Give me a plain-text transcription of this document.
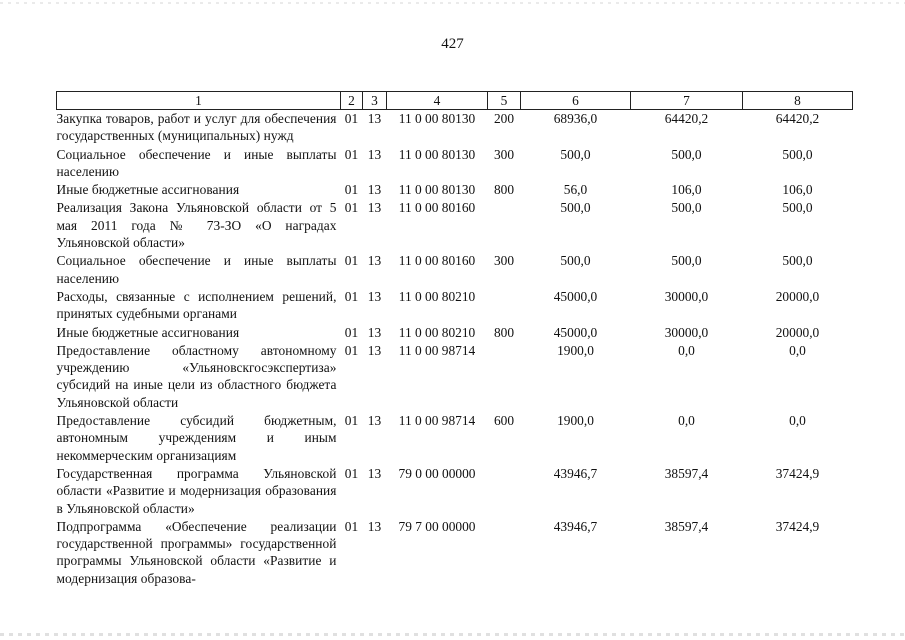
427
1	2	3	4	5	6	7	8
Закупка товаров, работ и услуг для обеспечения государственных (муниципальных) нужд	01	13	11 0 00 80130	200	68936,0	64420,2	64420,2
Социальное обеспечение и иные выплаты населению	01	13	11 0 00 80130	300	500,0	500,0	500,0
Иные бюджетные ассигнования	01	13	11 0 00 80130	800	56,0	106,0	106,0
Реализация Закона Ульяновской области от 5 мая 2011 года № 73-ЗО «О наградах Ульяновской области»	01	13	11 0 00 80160		500,0	500,0	500,0
Социальное обеспечение и иные выплаты населению	01	13	11 0 00 80160	300	500,0	500,0	500,0
Расходы, связанные с исполнением решений, принятых судебными органами	01	13	11 0 00 80210		45000,0	30000,0	20000,0
Иные бюджетные ассигнования	01	13	11 0 00 80210	800	45000,0	30000,0	20000,0
Предоставление областному автономному учреждению «Ульяновскгосэкспертиза» субсидий на иные цели из областного бюджета Ульяновской области	01	13	11 0 00 98714		1900,0	0,0	0,0
Предоставление субсидий бюджетным, автономным учреждениям и иным некоммерческим организациям	01	13	11 0 00 98714	600	1900,0	0,0	0,0
Государственная программа Ульяновской области «Развитие и модернизация образования в Ульяновской области»	01	13	79 0 00 00000		43946,7	38597,4	37424,9
Подпрограмма «Обеспечение реализации государственной программы» государственной программы Ульяновской области «Развитие и модернизация образова-	01	13	79 7 00 00000		43946,7	38597,4	37424,9
